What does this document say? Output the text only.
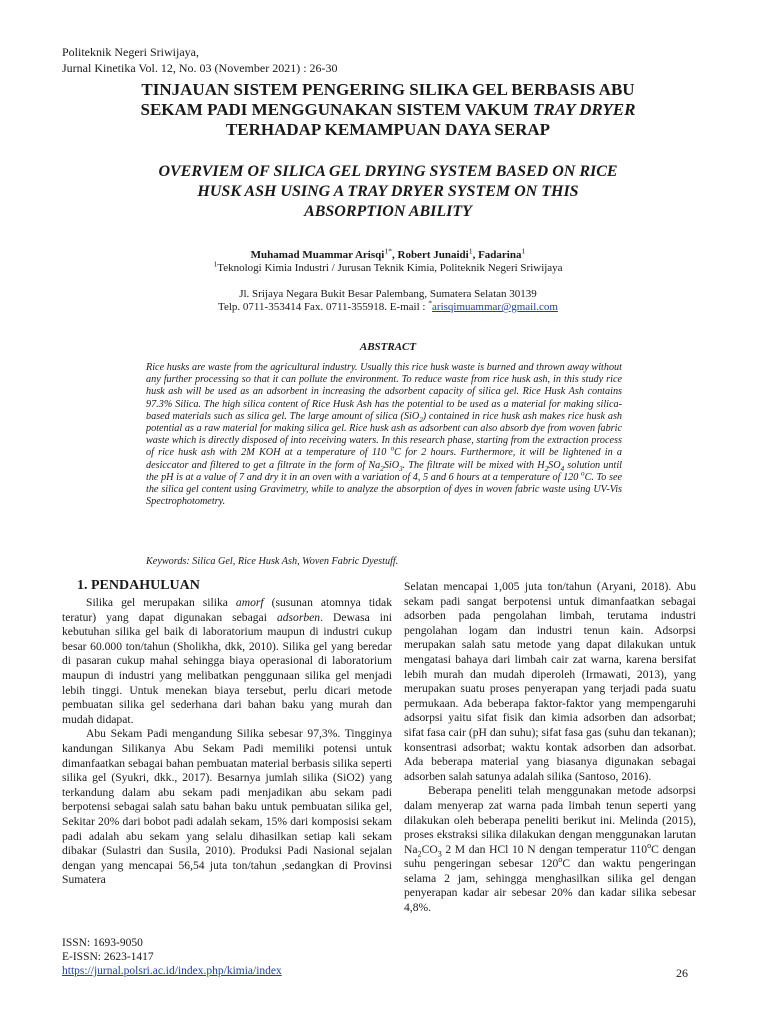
Politeknik Negeri Sriwijaya,
Jurnal Kinetika Vol. 12, No. 03 (November 2021) : 26-30
TINJAUAN SISTEM PENGERING SILIKA GEL BERBASIS ABU
SEKAM PADI MENGGUNAKAN SISTEM VAKUM TRAY DRYER
TERHADAP KEMAMPUAN DAYA SERAP
OVERVIEM OF SILICA GEL DRYING SYSTEM BASED ON RICE
HUSK ASH USING A TRAY DRYER SYSTEM ON THIS
ABSORPTION ABILITY
Muhamad Muammar Arisqi$^{1*}$, Robert Junaidi$^1$, Fadarina$^1$
$^1$Teknologi Kimia Industri / Jurusan Teknik Kimia, Politeknik Negeri Sriwijaya
Jl. Srijaya Negara Bukit Besar Palembang, Sumatera Selatan 30139
Telp. 0711-353414 Fax. 0711-355918. E-mail : *arisqimuammar@gmail.com
ABSTRACT
Rice husks are waste from the agricultural industry. Usually this rice husk waste is burned and thrown away without any further processing so that it can pollute the environment. To reduce waste from rice husk ash, in this study rice husk ash will be used as an adsorbent in increasing the adsorbent capacity of silica gel. Rice Husk Ash contains 97.3% Silica. The high silica content of Rice Husk Ash has the potential to be used as a material for making silica-based materials such as silica gel. The large amount of silica (SiO$_2$) contained in rice husk ash makes rice husk ash potential as a raw material for making silica gel. Rice husk ash as adsorbent can also absorb dye from woven fabric waste which is directly disposed of into receiving waters. In this research phase, starting from the extraction process of rice husk ash with 2M KOH at a temperature of 110 $^o$C for 2 hours. Furthermore, it will be lightened in a desiccator and filtered to get a filtrate in the form of $Na_2SiO_3$. The filtrate will be mixed with $H_2SO_4$ solution until the pH is at a value of 7 and dry it in an oven with a variation of 4, 5 and 6 hours at a temperature of 120 $^o$C. To see the silica gel content using Gravimetry, while to analyze the absorption of dyes in woven fabric waste using UV-Vis Spectrophotometry.
Keywords: Silica Gel, Rice Husk Ash, Woven Fabric Dyestuff.
1. PENDAHULUAN

Silika gel merupakan silika amorf (susunan atomnya tidak teratur) yang dapat digunakan sebagai adsorben. Dewasa ini kebutuhan silika gel baik di laboratorium maupun di industri cukup besar 60.000 ton/tahun (Sholikha, dkk, 2010). Silika gel yang beredar di pasaran cukup mahal sehingga biaya operasional di laboratorium maupun di industri yang melibatkan penggunaan silika gel menjadi lebih tinggi. Untuk menekan biaya tersebut, perlu dicari metode pembuatan silika gel sederhana dari bahan baku yang murah dan mudah didapat.

Abu Sekam Padi mengandung Silika sebesar 97,3%. Tingginya kandungan Silikanya Abu Sekam Padi memiliki potensi untuk dimanfaatkan sebagai bahan pembuatan material berbasis silika seperti silika gel (Syukri, dkk., 2017). Besarnya jumlah silika (SiO2) yang terkandung dalam abu sekam padi menjadikan abu sekam padi berpotensi sebagai salah satu bahan baku untuk pembuatan silika gel, Sekitar 20% dari bobot padi adalah sekam, 15% dari komposisi sekam padi adalah abu sekam yang selalu dihasilkan setiap kali sekam dibakar (Sulastri dan Susila, 2010). Produksi Padi Nasional sejalan dengan yang mencapai 56,54 juta ton/tahun ,sedangkan di Provinsi Sumatera

Selatan mencapai 1,005 juta ton/tahun (Aryani, 2018). Abu sekam padi sangat berpotensi untuk dimanfaatkan sebagai adsorben pada pengolahan limbah, terutama industri pengolahan logam dan industri tenun kain. Adsorpsi merupakan salah satu metode yang dapat dilakukan untuk mengatasi bahaya dari limbah cair zat warna, karena bersifat lebih murah dan mudah diperoleh (Irmawati, 2013), yang merupakan suatu proses penyerapan yang terjadi pada suatu permukaan. Ada beberapa faktor-faktor yang mempengaruhi adsorpsi yaitu sifat fisik dan kimia adsorben dan adsorbat; sifat fasa cair (pH dan suhu); sifat fasa gas (suhu dan tekanan); konsentrasi adsorbat; waktu kontak adsorben dan adsorbat. Ada beberapa material yang biasanya digunakan sebagai adsorben salah satunya adalah silika (Santoso, 2016).

Beberapa peneliti telah menggunakan metode adsorpsi dalam menyerap zat warna pada limbah tenun seperti yang dilakukan oleh beberapa peneliti berikut ini. Melinda (2015), proses ekstraksi silika dilakukan dengan menggunakan larutan $Na_2CO_3$ 2 M dan HCl 10 N dengan temperatur 110$^o$C dengan suhu pengeringan sebesar 120$^o$C dan waktu pengeringan selama 2 jam, sehingga menghasilkan silika gel dengan penyerapan kadar air sebesar 20% dan kadar silika sebesar 4,8%.

ISSN: 1693-9050
E-ISSN: 2623-1417
https://jurnal.polsri.ac.id/index.php/kimia/index	26
